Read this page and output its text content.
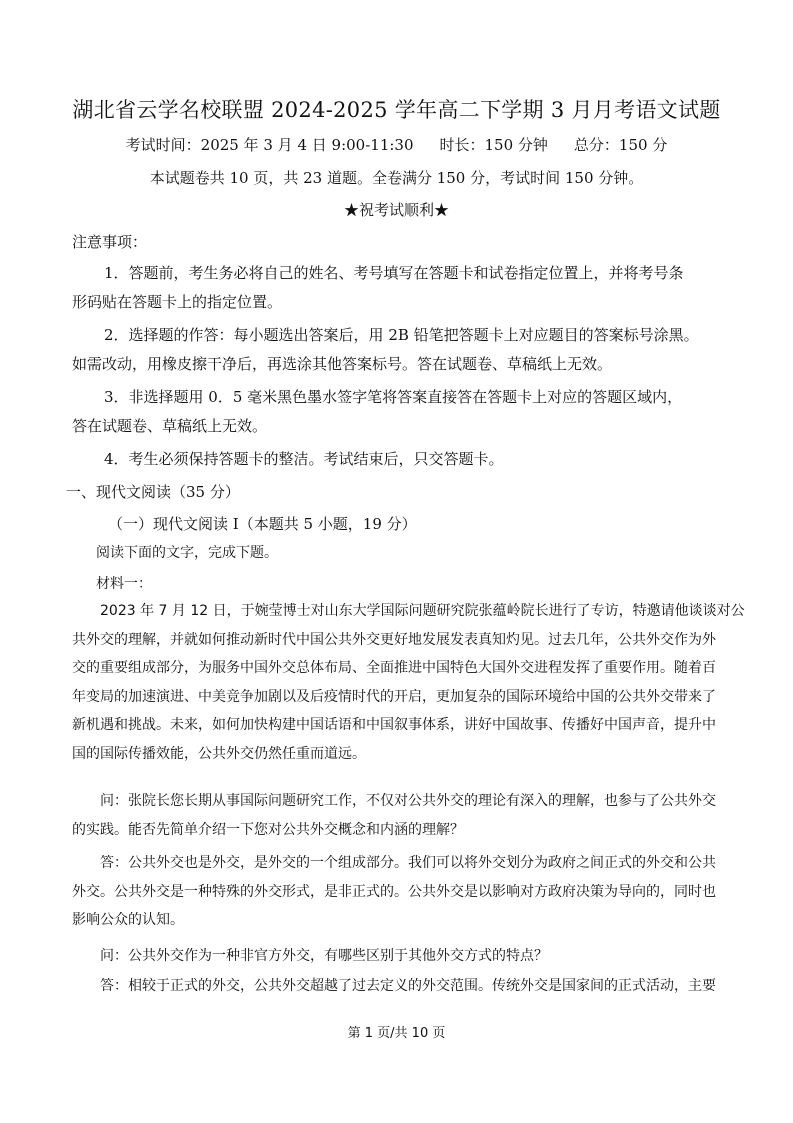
湖北省云学名校联盟 2024-2025 学年高二下学期 3 月月考语文试题
考试时间：2025 年 3 月 4 日 9:00-11:30 时长：150 分钟 总分：150 分
本试题卷共 10 页，共 23 道题。全卷满分 150 分，考试时间 150 分钟。
★祝考试顺利★
注意事项：
1．答题前，考生务必将自己的姓名、考号填写在答题卡和试卷指定位置上，并将考号条
形码贴在答题卡上的指定位置。
2．选择题的作答：每小题选出答案后，用 2B 铅笔把答题卡上对应题目的答案标号涂黑。
如需改动，用橡皮擦干净后，再选涂其他答案标号。答在试题卷、草稿纸上无效。
3．非选择题用 0．5 毫米黑色墨水签字笔将答案直接答在答题卡上对应的答题区域内，
答在试题卷、草稿纸上无效。
4．考生必须保持答题卡的整洁。考试结束后，只交答题卡。
一、现代文阅读（35 分）
（一）现代文阅读 I（本题共 5 小题，19 分）
阅读下面的文字，完成下题。
材料一：
2023 年 7 月 12 日，于婉莹博士对山东大学国际问题研究院张蕴岭院长进行了专访，特邀请他谈谈对公
共外交的理解，并就如何推动新时代中国公共外交更好地发展发表真知灼见。过去几年，公共外交作为外
交的重要组成部分，为服务中国外交总体布局、全面推进中国特色大国外交进程发挥了重要作用。随着百
年变局的加速演进、中美竞争加剧以及后疫情时代的开启，更加复杂的国际环境给中国的公共外交带来了
新机遇和挑战。未来，如何加快构建中国话语和中国叙事体系，讲好中国故事、传播好中国声音，提升中
国的国际传播效能，公共外交仍然任重而道远。
问：张院长您长期从事国际问题研究工作，不仅对公共外交的理论有深入的理解，也参与了公共外交
的实践。能否先简单介绍一下您对公共外交概念和内涵的理解？
答：公共外交也是外交，是外交的一个组成部分。我们可以将外交划分为政府之间正式的外交和公共
外交。公共外交是一种特殊的外交形式，是非正式的。公共外交是以影响对方政府决策为导向的，同时也
影响公众的认知。
问：公共外交作为一种非官方外交，有哪些区别于其他外交方式的特点？
答：相较于正式的外交，公共外交超越了过去定义的外交范围。传统外交是国家间的正式活动，主要
第 1 页/共 10 页
